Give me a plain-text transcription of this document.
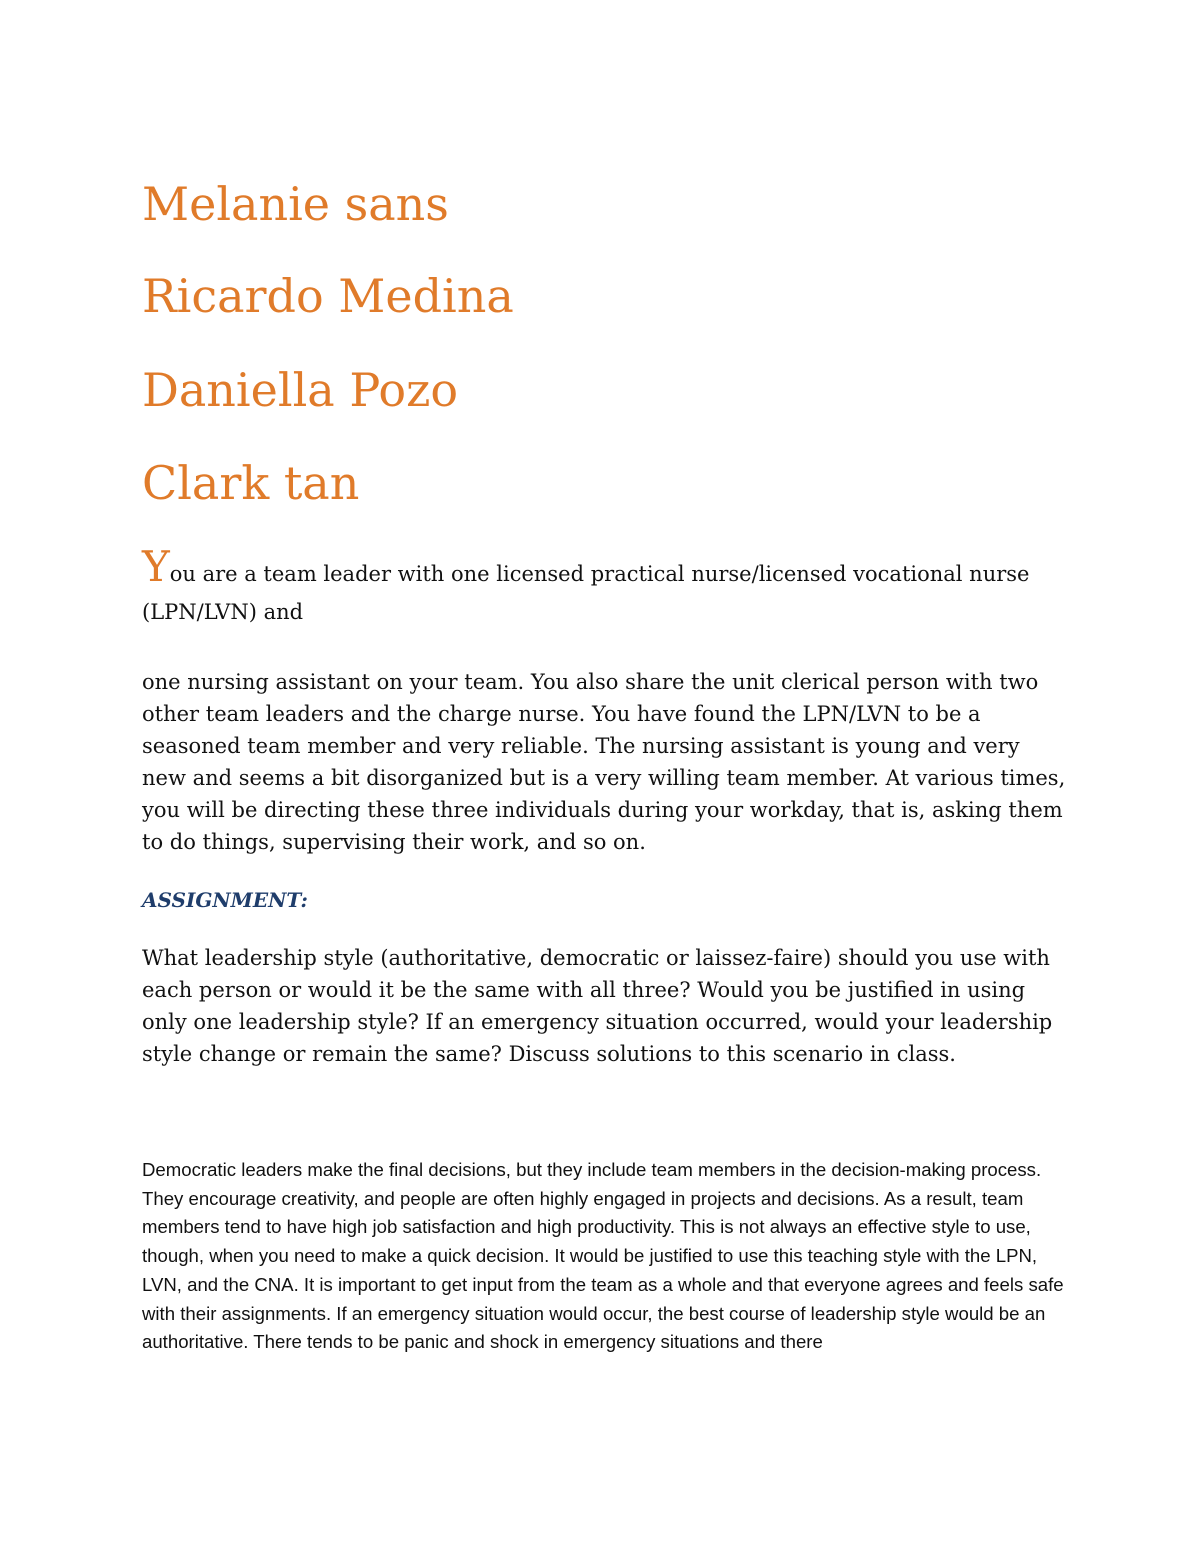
Melanie sans

Ricardo Medina

Daniella Pozo

Clark tan

You are a team leader with one licensed practical nurse/licensed vocational nurse (LPN/LVN) and

one nursing assistant on your team. You also share the unit clerical person with two other team leaders and the charge nurse. You have found the LPN/LVN to be a seasoned team member and very reliable. The nursing assistant is young and very new and seems a bit disorganized but is a very willing team member. At various times, you will be directing these three individuals during your workday, that is, asking them to do things, supervising their work, and so on.

ASSIGNMENT:

What leadership style (authoritative, democratic or laissez-faire) should you use with each person or would it be the same with all three? Would you be justified in using only one leadership style? If an emergency situation occurred, would your leadership style change or remain the same? Discuss solutions to this scenario in class.

Democratic leaders make the final decisions, but they include team members in the decision-making process. They encourage creativity, and people are often highly engaged in projects and decisions. As a result, team members tend to have high job satisfaction and high productivity. This is not always an effective style to use, though, when you need to make a quick decision. It would be justified to use this teaching style with the LPN, LVN, and the CNA. It is important to get input from the team as a whole and that everyone agrees and feels safe with their assignments. If an emergency situation would occur, the best course of leadership style would be an authoritative. There tends to be panic and shock in emergency situations and there
